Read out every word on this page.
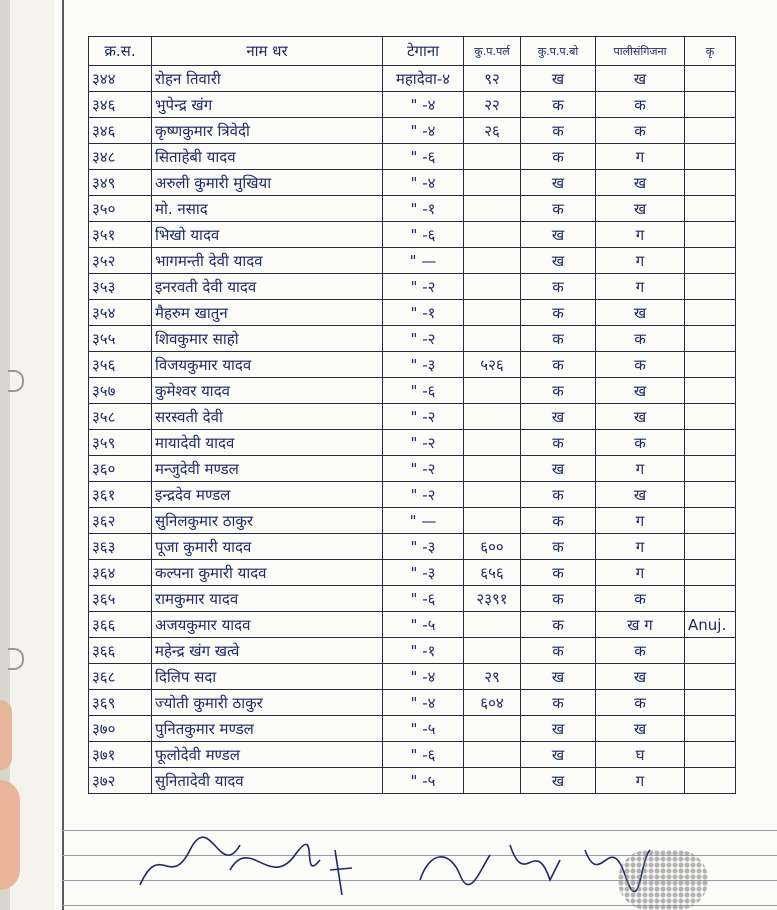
क्र.स.	नाम धर	टेगाना	कु.प.पर्ल	कु.प.प.बो	पालीसंगिजना	कृ
३४४	रोहन तिवारी	महादेवा-४	९२	ख	ख	
३४६	भुपेन्द्र खंग	" -४	२२	क	क	
३४६	कृष्णकुमार त्रिवेदी	" -४	२६	क	क	
३४८	सिताहेबी यादव	" -६		क	ग	
३४९	अरुली कुमारी मुखिया	" -४		ख	ख	
३५०	मो. नसाद	" -१		क	ख	
३५१	भिखो यादव	" -६		ख	ग	
३५२	भागमन्ती देवी यादव	" —		ख	ग	
३५३	इनरवती देवी यादव	" -२		क	ग	
३५४	मैहरुम खातुन	" -१		क	ख	
३५५	शिवकुमार साहो	" -२		क	क	
३५६	विजयकुमार यादव	" -३	५२६	क	क	
३५७	कुमेश्वर यादव	" -६		क	ख	
३५८	सरस्वती देवी	" -२		ख	ख	
३५९	मायादेवी यादव	" -२		क	क	
३६०	मन्जुदेवी मण्डल	" -२		ख	ग	
३६१	इन्द्रदेव मण्डल	" -२		क	ख	
३६२	सुनिलकुमार ठाकुर	" —		क	ग	
३६३	पूजा कुमारी यादव	" -३	६००	क	ग	
३६४	कल्पना कुमारी यादव	" -३	६५६	क	ग	
३६५	रामकुमार यादव	" -६	२३९१	क	क	
३६६	अजयकुमार यादव	" -५		क	ख ग	Anuj.
३६६	महेन्द्र खंग खत्वे	" -१		क	क	
३६८	दिलिप सदा	" -४	२९	ख	ख	
३६९	ज्योती कुमारी ठाकुर	" -४	६०४	क	क	
३७०	पुनितकुमार मण्डल	" -५		ख	ख	
३७१	फूलोदेवी मण्डल	" -६		ख	घ	
३७२	सुनितादेवी यादव	" -५		ख	ग	
